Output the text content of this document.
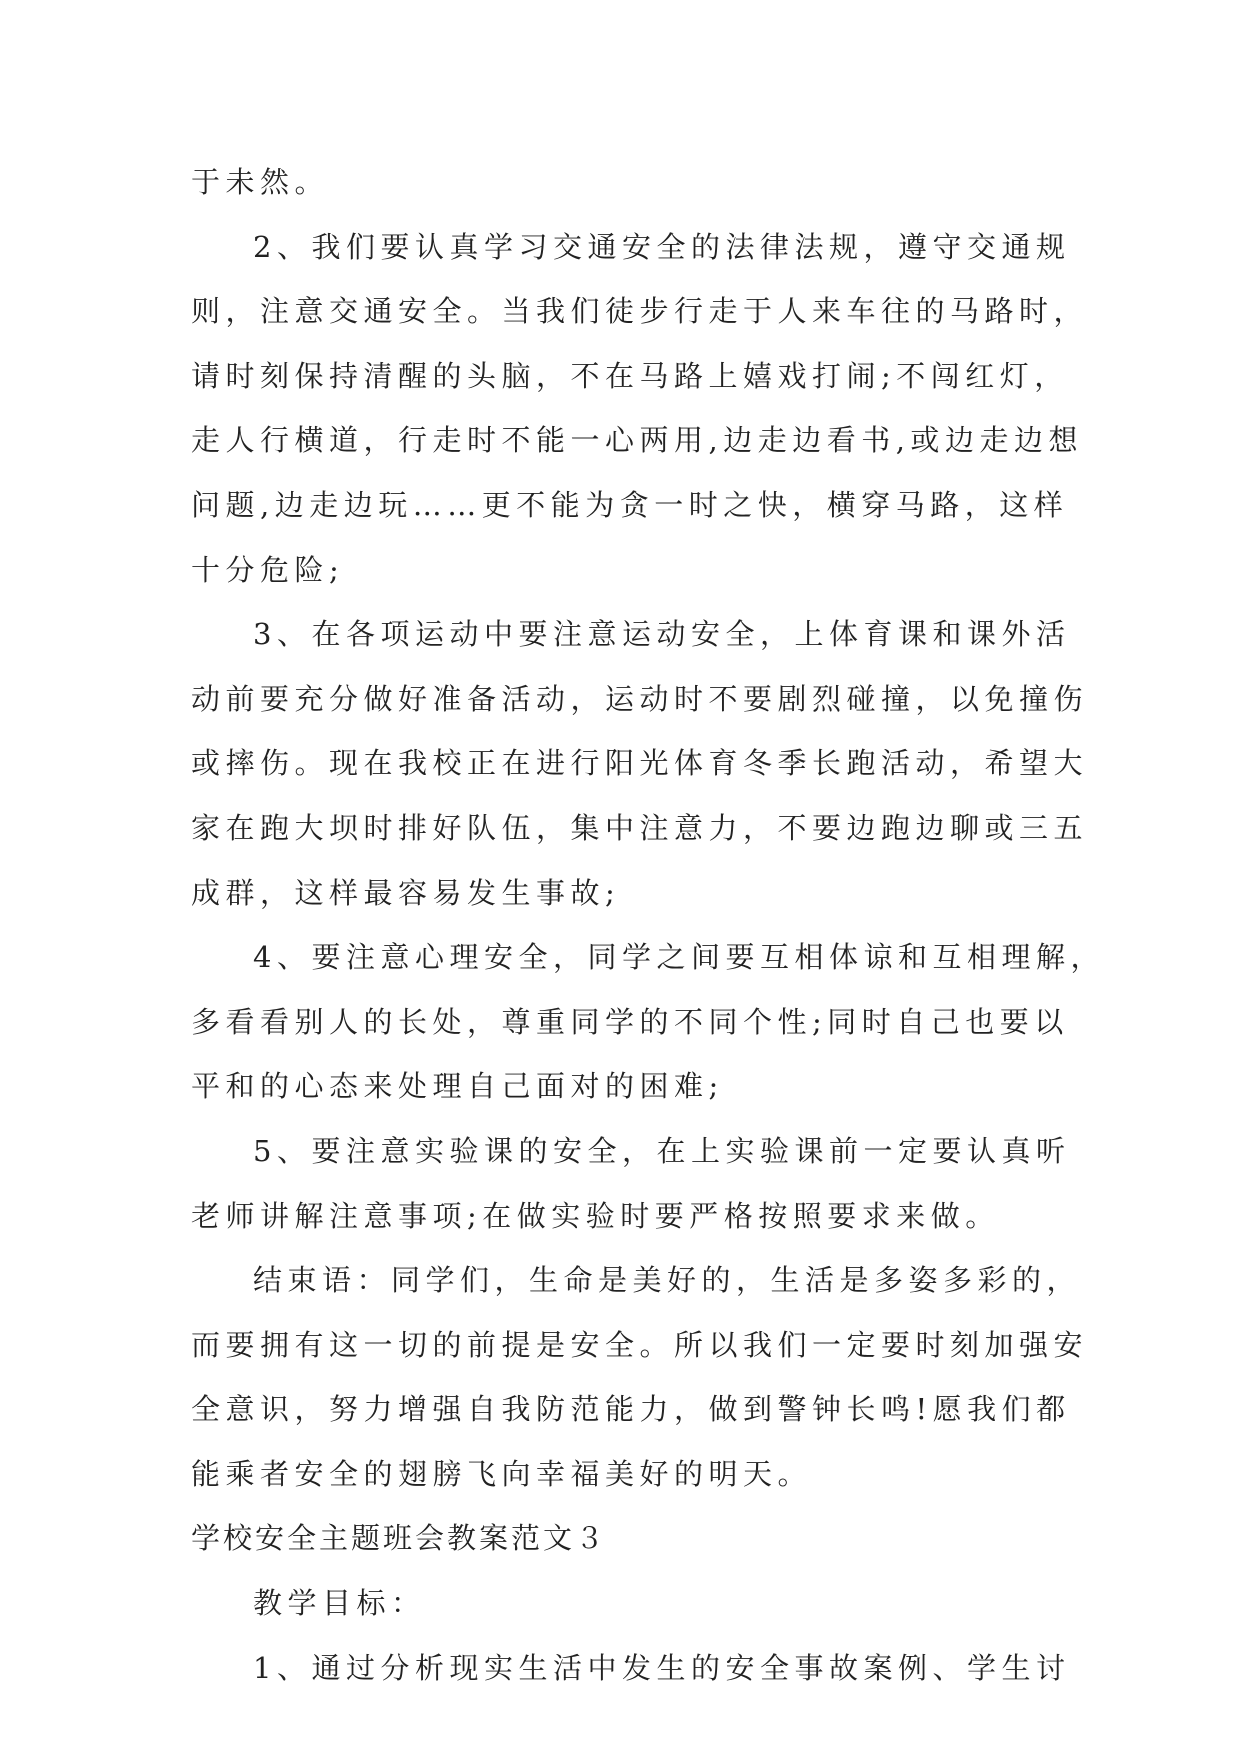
于未然。
2、我们要认真学习交通安全的法律法规，遵守交通规
则，注意交通安全。当我们徒步行走于人来车往的马路时，
请时刻保持清醒的头脑，不在马路上嬉戏打闹;不闯红灯，
走人行横道，行走时不能一心两用,边走边看书,或边走边想
问题,边走边玩……更不能为贪一时之快，横穿马路，这样
十分危险;
3、在各项运动中要注意运动安全，上体育课和课外活
动前要充分做好准备活动，运动时不要剧烈碰撞，以免撞伤
或摔伤。现在我校正在进行阳光体育冬季长跑活动，希望大
家在跑大坝时排好队伍，集中注意力，不要边跑边聊或三五
成群，这样最容易发生事故;
4、要注意心理安全，同学之间要互相体谅和互相理解，
多看看别人的长处，尊重同学的不同个性;同时自己也要以
平和的心态来处理自己面对的困难;
5、要注意实验课的安全，在上实验课前一定要认真听
老师讲解注意事项;在做实验时要严格按照要求来做。
结束语：同学们，生命是美好的，生活是多姿多彩的，
而要拥有这一切的前提是安全。所以我们一定要时刻加强安
全意识，努力增强自我防范能力，做到警钟长鸣!愿我们都
能乘者安全的翅膀飞向幸福美好的明天。
学校安全主题班会教案范文３
教学目标：
1、通过分析现实生活中发生的安全事故案例、学生讨
